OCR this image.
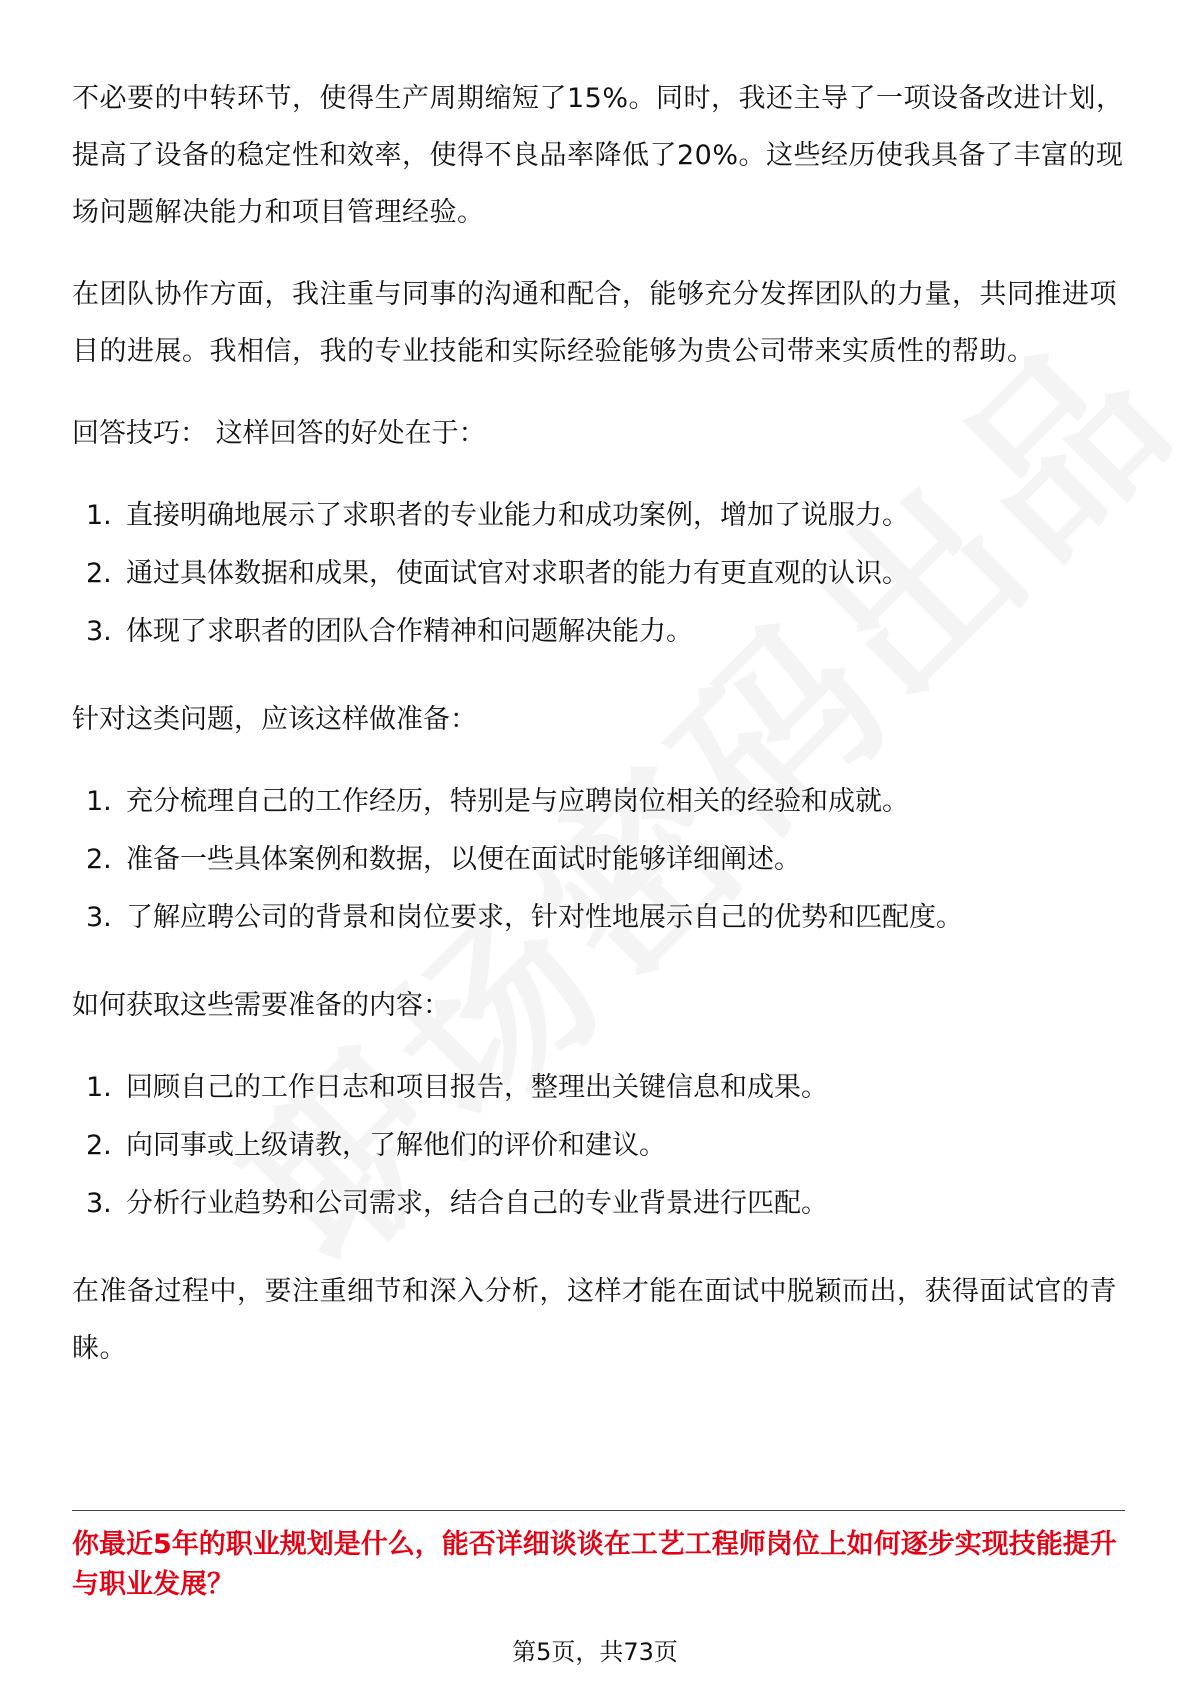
不必要的中转环节，使得生产周期缩短了15%。同时，我还主导了一项设备改进计划，提高了设备的稳定性和效率，使得不良品率降低了20%。这些经历使我具备了丰富的现场问题解决能力和项目管理经验。

在团队协作方面，我注重与同事的沟通和配合，能够充分发挥团队的力量，共同推进项目的进展。我相信，我的专业技能和实际经验能够为贵公司带来实质性的帮助。

回答技巧： 这样回答的好处在于：

1. 直接明确地展示了求职者的专业能力和成功案例，增加了说服力。
2. 通过具体数据和成果，使面试官对求职者的能力有更直观的认识。
3. 体现了求职者的团队合作精神和问题解决能力。

针对这类问题，应该这样做准备：

1. 充分梳理自己的工作经历，特别是与应聘岗位相关的经验和成就。
2. 准备一些具体案例和数据，以便在面试时能够详细阐述。
3. 了解应聘公司的背景和岗位要求，针对性地展示自己的优势和匹配度。

如何获取这些需要准备的内容：

1. 回顾自己的工作日志和项目报告，整理出关键信息和成果。
2. 向同事或上级请教，了解他们的评价和建议。
3. 分析行业趋势和公司需求，结合自己的专业背景进行匹配。

在准备过程中，要注重细节和深入分析，这样才能在面试中脱颖而出，获得面试官的青睐。

你最近5年的职业规划是什么，能否详细谈谈在工艺工程师岗位上如何逐步实现技能提升与职业发展？
第5页，共73页
